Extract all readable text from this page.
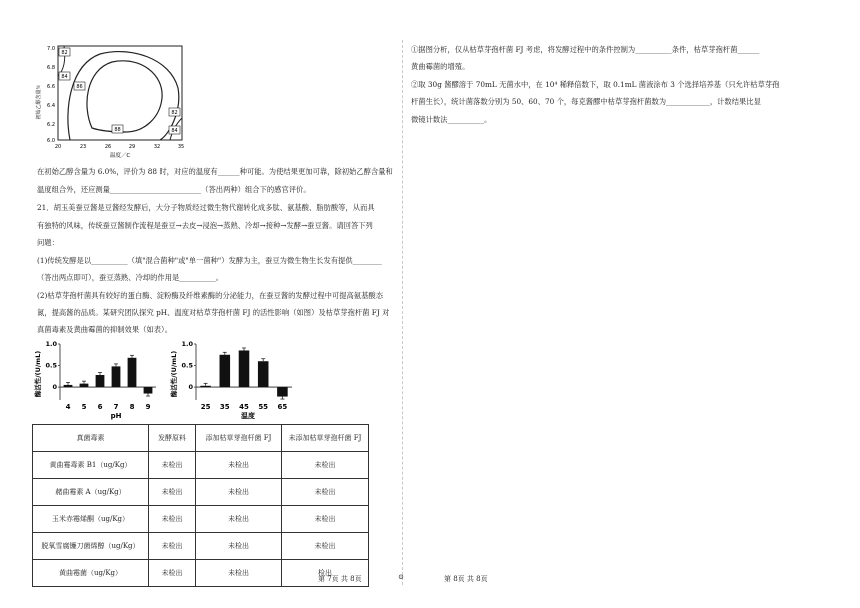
初始乙醇含量％
7.0
6.8
6.6
6.4
6.2
6.0
82
84
86
88	84
82
20	23	26	29	32	35
温度／C
在初始乙醇含量为 6.0%，评价为 88 时，对应的温度有______种可能。为使结果更加可靠，除初始乙醇含量和
温度组合外，还应测量_________________________（答出两种）组合下的感官评价。
21．胡玉美蚕豆酱是豆酱经发酵后，大分子物质经过微生物代谢转化成多肽、氨基酸、脂肪酸等，从而具
有独特的风味，传统蚕豆酱制作流程是蚕豆→去皮→浸泡→蒸熟、冷却→接种→发酵→蚕豆酱。请回答下列
问题：
(1)传统发酵是以__________（填"混合菌种"或"单一菌种"）发酵为主，蚕豆为微生物生长发有提供________
（答出两点即可），蚕豆蒸熟、冷却的作用是__________。
(2)枯草芽孢杆菌具有较好的蛋白酶、淀粉酶及纤维素酶的分泌能力，在蚕豆酱的发酵过程中可提高氨基酸态
氮，提高酱的品质。某研究团队探究 pH、温度对枯草芽孢杆菌 FJ 的活性影响（如图）及枯草芽孢杆菌 FJ 对
真菌毒素及黄曲霉菌的抑制效果（如表）。
酶活性/(U/mL)
1.0
0.5
0
4 5 6 7 8 9
pH
酶活性/(U/mL)
1.0
0.5
0
25 35 45 55 65
温度
真菌毒素	发酵原料	添加枯草芽孢杆菌 FJ	未添加枯草芽孢杆菌 FJ
黄曲霉毒素 B1（ug/Kg）	未检出	未检出	未检出
赭曲霉素 A（ug/Kg）	未检出	未检出	未检出
玉米赤霉烯酮（ug/Kg）	未检出	未检出	未检出
脱氧雪腐镰刀菌烯醇（ug/Kg）	未检出	未检出	未检出
黄曲霉菌（ug/Kg）	未检出	未检出	检出
①据图分析，仅从枯草芽孢杆菌 FJ 考虑，将发酵过程中的条件控制为__________条件，枯草芽孢杆菌______
黄曲霉菌的增殖。
②取 30g 酱醪溶于 70mL 无菌水中，在 10⁴ 稀释倍数下，取 0.1mL 菌液涂布 3 个选择培养基（只允许枯草芽孢
杆菌生长），统计菌落数分别为 50、60、70 个，每克酱醪中枯草芽孢杆菌数为____________，计数结果比显
微镜计数法__________。
第 7页 共 8页	⊙	第 8页 共 8页
